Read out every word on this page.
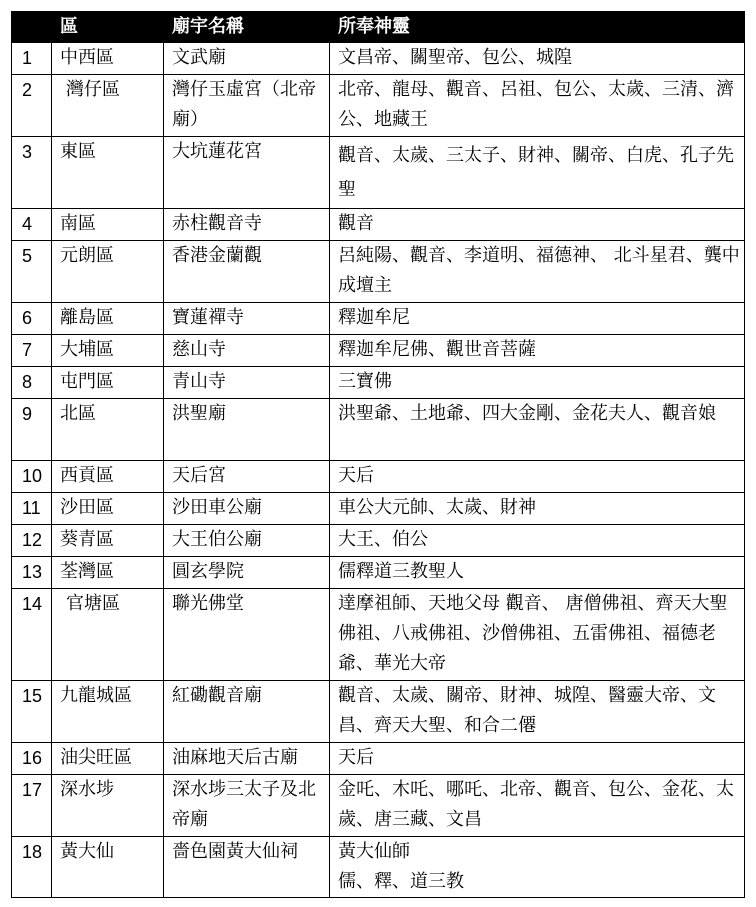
	區	廟宇名稱	所奉神靈
1	中西區	文武廟	文昌帝、關聖帝、包公、城隍
2	灣仔區	灣仔玉虛宮（北帝廟）	北帝、龍母、觀音、呂祖、包公、太歲、三清、濟公、地藏王
3	東區	大坑蓮花宮	觀音、太歲、三太子、財神、關帝、白虎、孔子先聖
4	南區	赤柱觀音寺	觀音
5	元朗區	香港金蘭觀	呂純陽、觀音、李道明、福德神、 北斗星君、龔中成壇主
6	離島區	寶蓮禪寺	釋迦牟尼
7	大埔區	慈山寺	釋迦牟尼佛、觀世音菩薩
8	屯門區	青山寺	三寶佛
9	北區	洪聖廟	洪聖爺、土地爺、四大金剛、金花夫人、觀音娘
10	西貢區	天后宮	天后
11	沙田區	沙田車公廟	車公大元帥、太歲、財神
12	葵青區	大王伯公廟	大王、伯公
13	荃灣區	圓玄學院	儒釋道三教聖人
14	官塘區	聯光佛堂	達摩祖師、天地父母 觀音、 唐僧佛祖、齊天大聖佛祖、八戒佛祖、沙僧佛祖、五雷佛祖、福德老爺、華光大帝
15	九龍城區	紅磡觀音廟	觀音、太歲、關帝、財神、城隍、醫靈大帝、文昌、齊天大聖、和合二僊
16	油尖旺區	油麻地天后古廟	天后
17	深水埗	深水埗三太子及北帝廟	金吒、木吒、哪吒、北帝、觀音、包公、金花、太歲、唐三藏、文昌
18	黃大仙	嗇色園黃大仙祠	黃大仙師
儒、釋、道三教
